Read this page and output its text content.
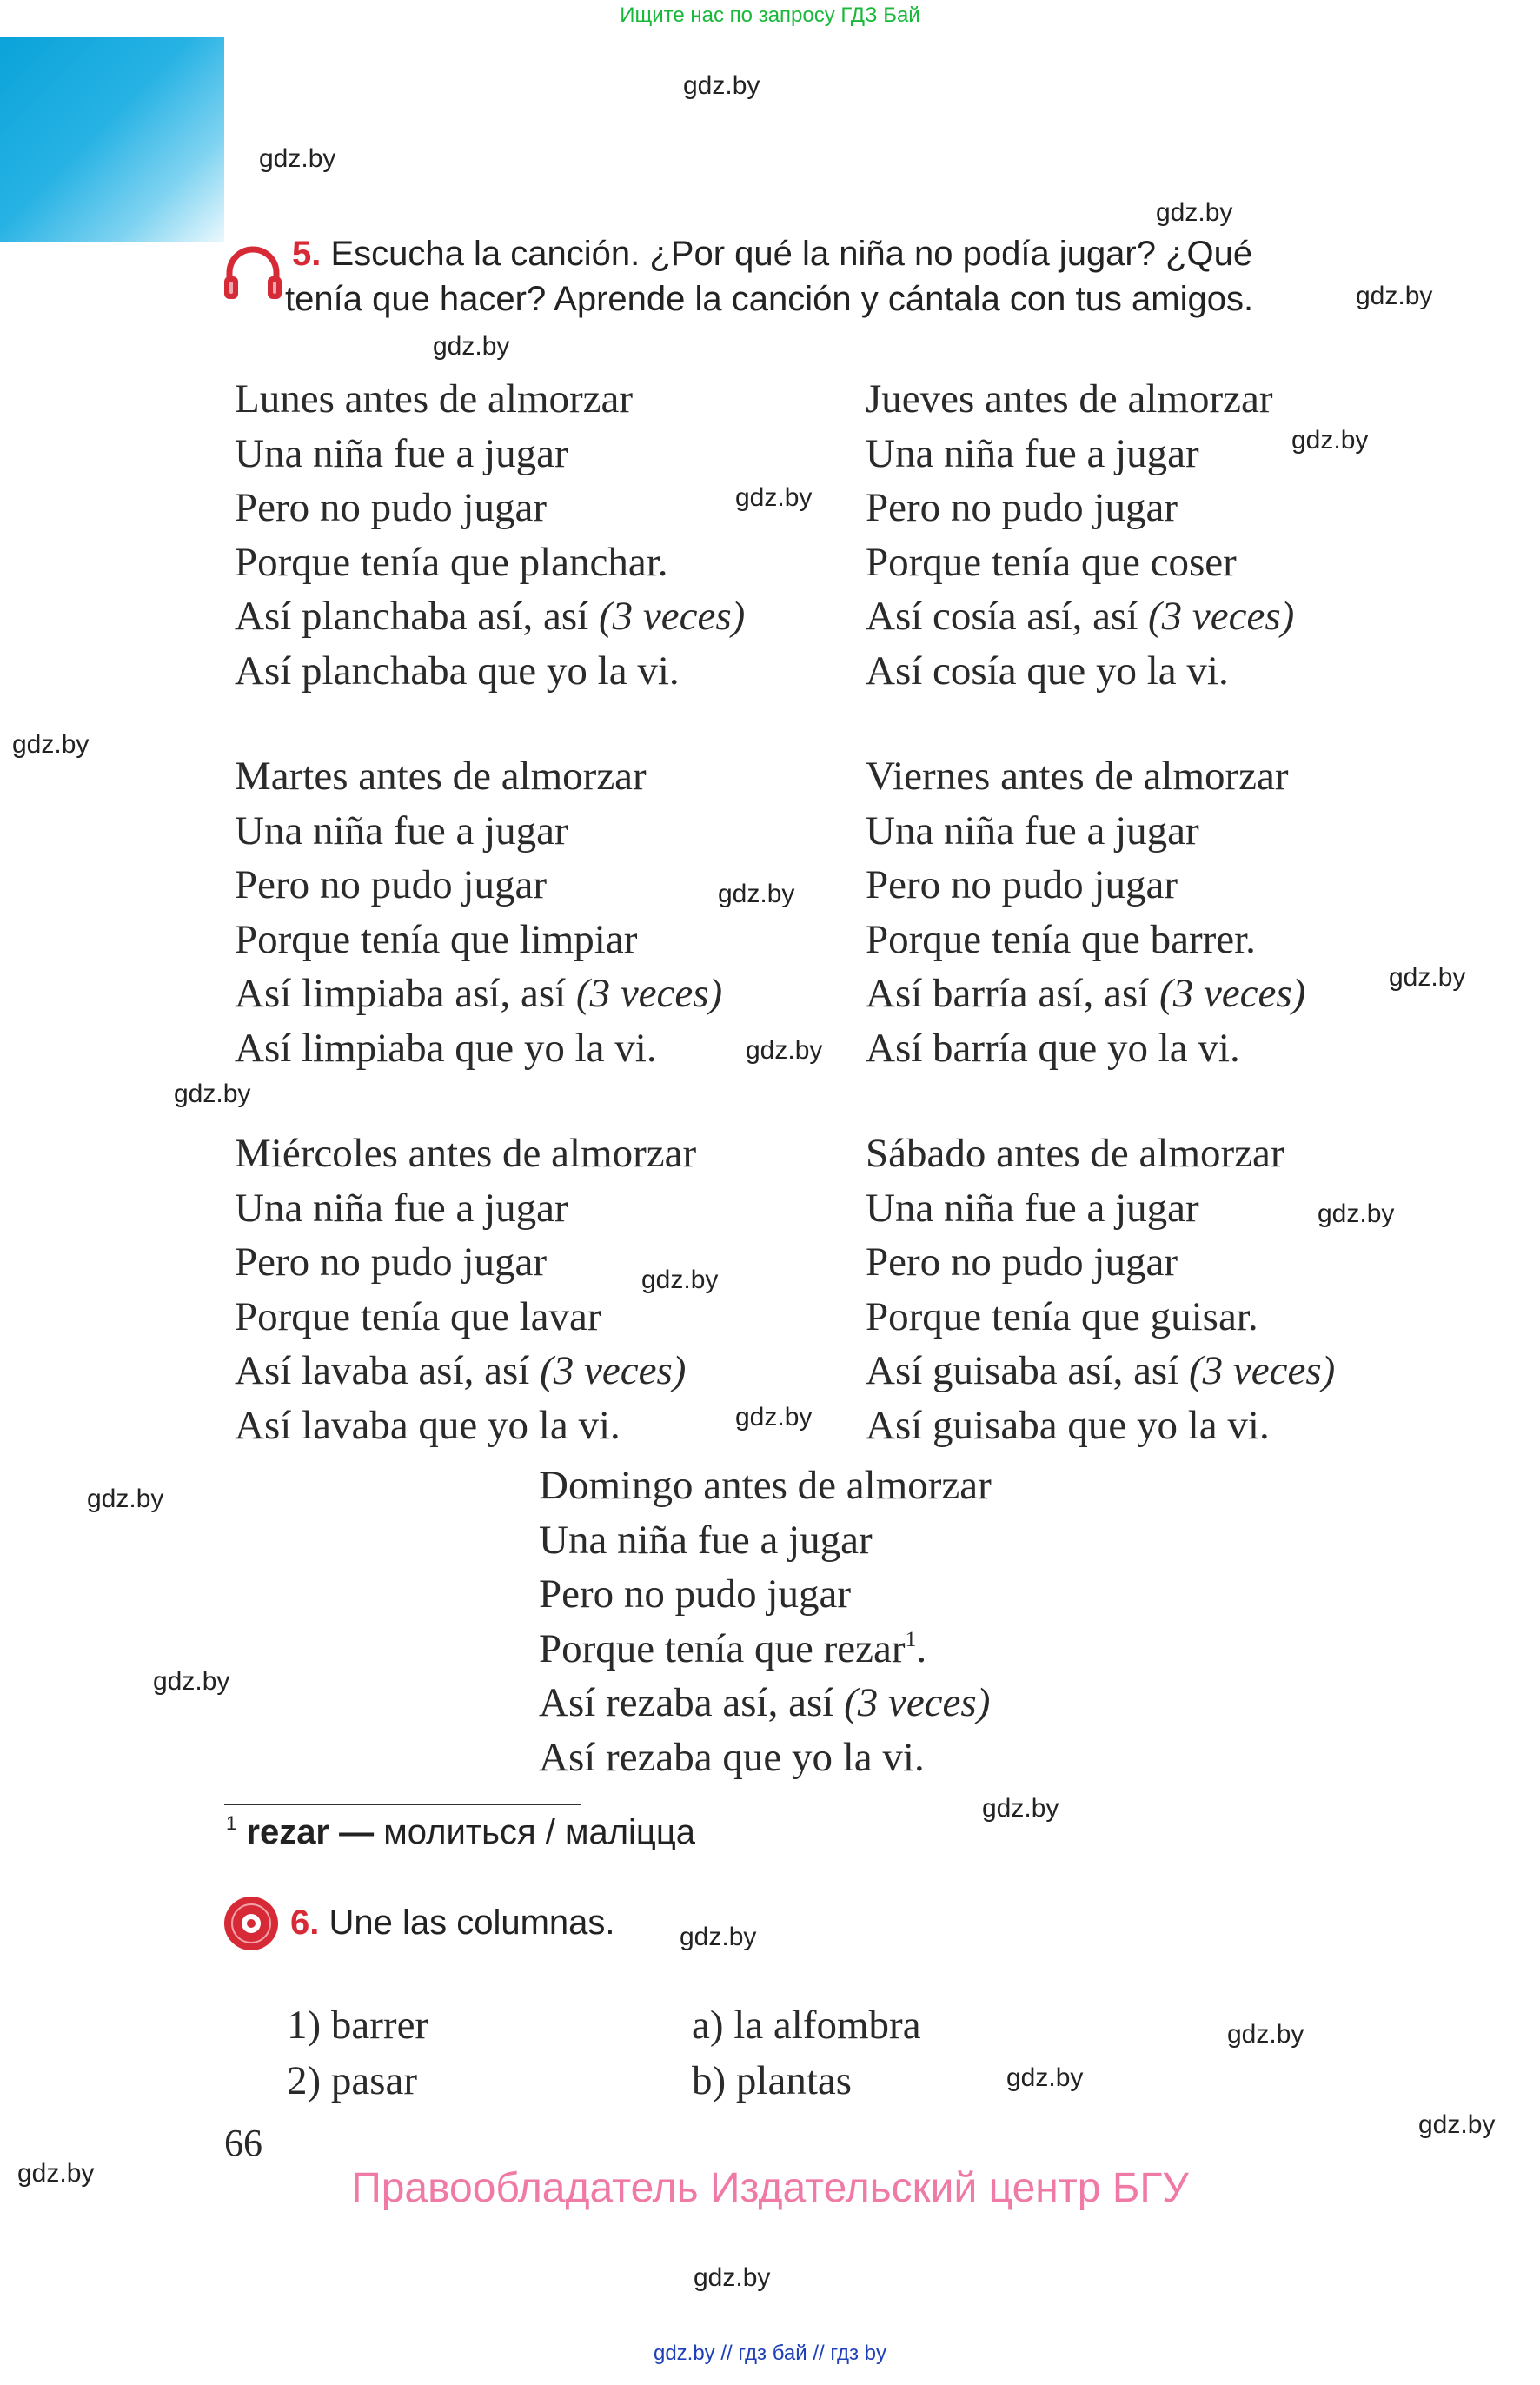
Ищите нас по запросу ГДЗ Бай
gdz.by
gdz.by
gdz.by
gdz.by
gdz.by
gdz.by
gdz.by
gdz.by
gdz.by
gdz.by
gdz.by
gdz.by
gdz.by
gdz.by
gdz.by
gdz.by
gdz.by
gdz.by
gdz.by
gdz.by
gdz.by
gdz.by
gdz.by
gdz.by
5. Escucha la canción. ¿Por qué la niña no podía jugar? ¿Qué
tenía que hacer? Aprende la canción y cántala con tus amigos.
Lunes antes de almorzar
Una niña fue a jugar
Pero no pudo jugar
Porque tenía que planchar.
Así planchaba así, así (3 veces)
Así planchaba que yo la vi.
Martes antes de almorzar
Una niña fue a jugar
Pero no pudo jugar
Porque tenía que limpiar
Así limpiaba así, así (3 veces)
Así limpiaba que yo la vi.
Miércoles antes de almorzar
Una niña fue a jugar
Pero no pudo jugar
Porque tenía que lavar
Así lavaba así, así (3 veces)
Así lavaba que yo la vi.
Jueves antes de almorzar
Una niña fue a jugar
Pero no pudo jugar
Porque tenía que coser
Así cosía así, así (3 veces)
Así cosía que yo la vi.
Viernes antes de almorzar
Una niña fue a jugar
Pero no pudo jugar
Porque tenía que barrer.
Así barría así, así (3 veces)
Así barría que yo la vi.
Sábado antes de almorzar
Una niña fue a jugar
Pero no pudo jugar
Porque tenía que guisar.
Así guisaba así, así (3 veces)
Así guisaba que yo la vi.
Domingo antes de almorzar
Una niña fue a jugar
Pero no pudo jugar
Porque tenía que rezar$^1$.
Así rezaba así, así (3 veces)
Así rezaba que yo la vi.
$^1$ rezar — молиться / маліцца
6. Une las columnas.
1) barrer
2) pasar
a) la alfombra
b) plantas
66
Правообладатель Издательский центр БГУ
gdz.by // гдз бай // гдз by
